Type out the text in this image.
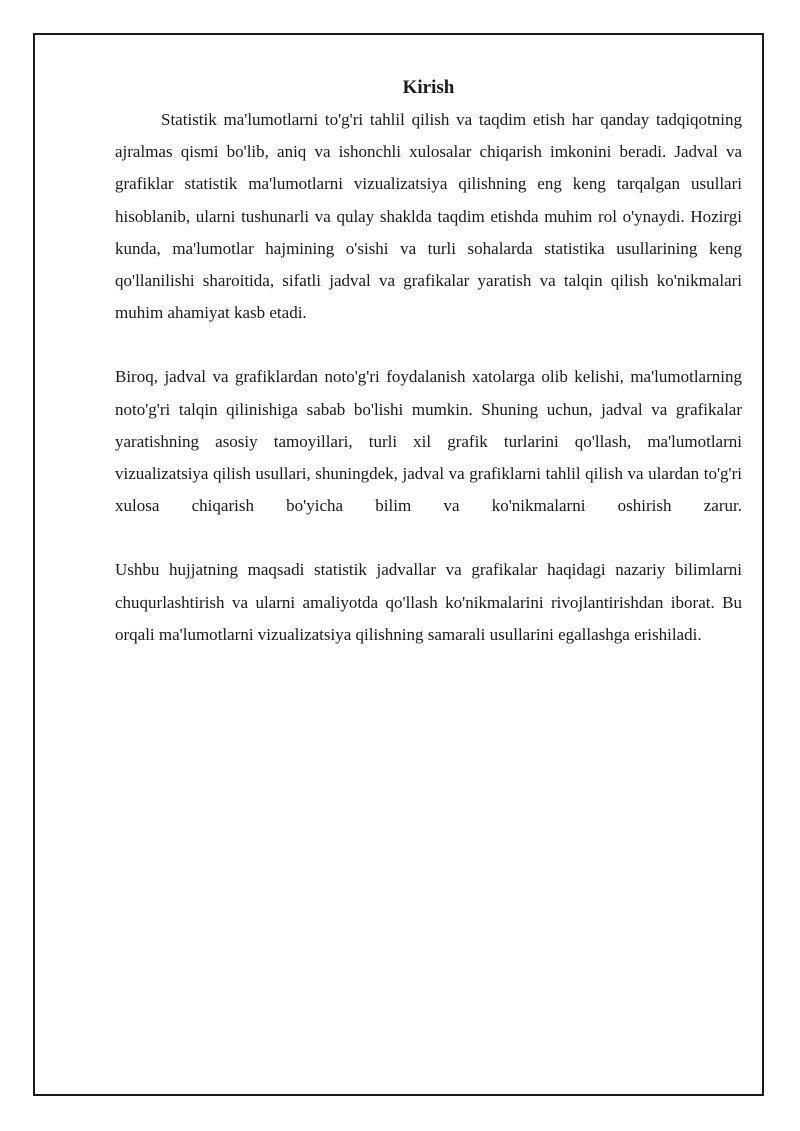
Kirish

Statistik ma'lumotlarni to'g'ri tahlil qilish va taqdim etish har qanday tadqiqotning ajralmas qismi bo'lib, aniq va ishonchli xulosalar chiqarish imkonini beradi. Jadval va grafiklar statistik ma'lumotlarni vizualizatsiya qilishning eng keng tarqalgan usullari hisoblanib, ularni tushunarli va qulay shaklda taqdim etishda muhim rol o'ynaydi. Hozirgi kunda, ma'lumotlar hajmining o'sishi va turli sohalarda statistika usullarining keng qo'llanilishi sharoitida, sifatli jadval va grafikalar yaratish va talqin qilish ko'nikmalari muhim ahamiyat kasb etadi.

Biroq, jadval va grafiklardan noto'g'ri foydalanish xatolarga olib kelishi, ma'lumotlarning noto'g'ri talqin qilinishiga sabab bo'lishi mumkin. Shuning uchun, jadval va grafikalar yaratishning asosiy tamoyillari, turli xil grafik turlarini qo'llash, ma'lumotlarni vizualizatsiya qilish usullari, shuningdek, jadval va grafiklarni tahlil qilish va ulardan to'g'ri xulosa chiqarish bo'yicha bilim va ko'nikmalarni oshirish zarur.

Ushbu hujjatning maqsadi statistik jadvallar va grafikalar haqidagi nazariy bilimlarni chuqurlashtirish va ularni amaliyotda qo'llash ko'nikmalarini rivojlantirishdan iborat. Bu orqali ma'lumotlarni vizualizatsiya qilishning samarali usullarini egallashga erishiladi.
